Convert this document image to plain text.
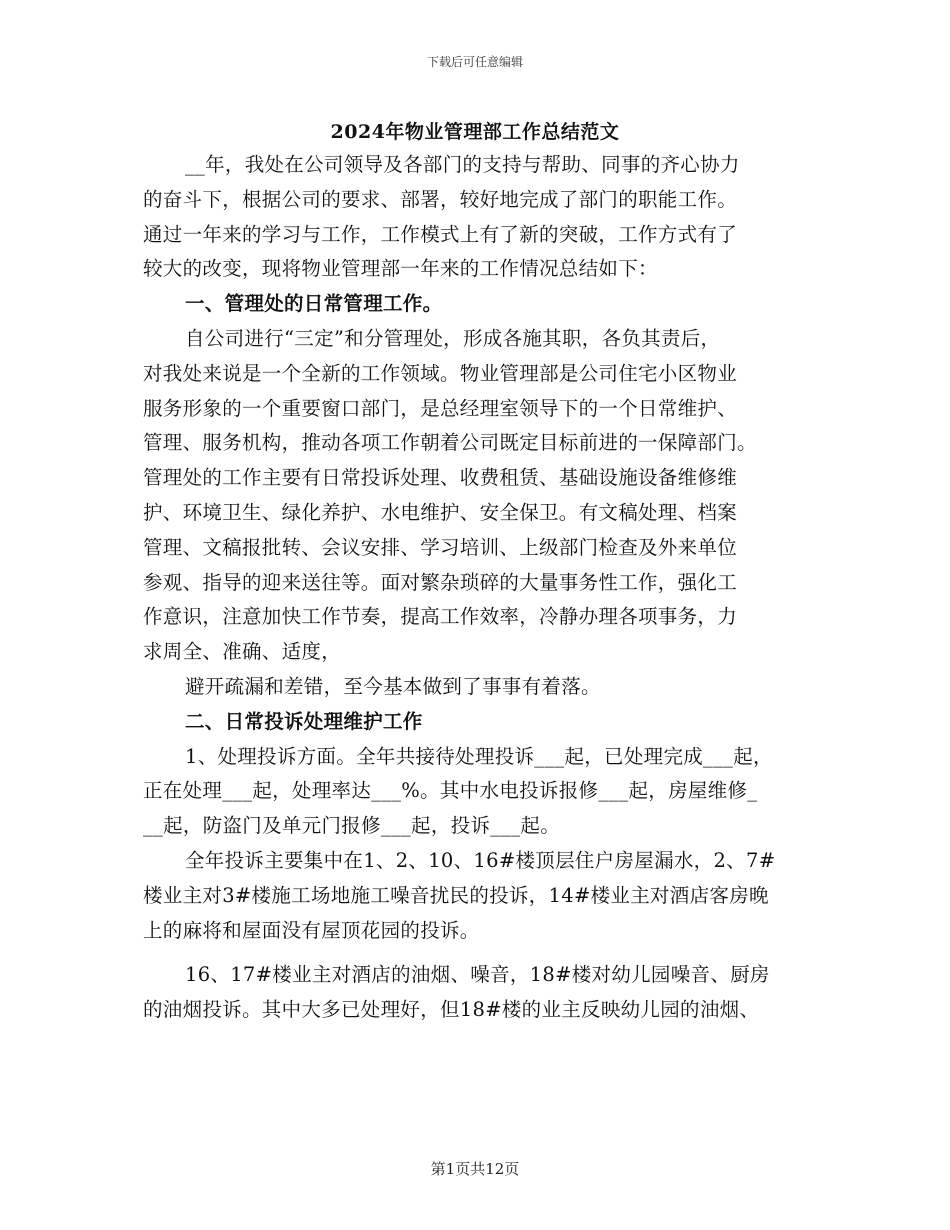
下载后可任意编辑
2024年物业管理部工作总结范文
__年，我处在公司领导及各部门的支持与帮助、同事的齐心协力
的奋斗下，根据公司的要求、部署，较好地完成了部门的职能工作。
通过一年来的学习与工作，工作模式上有了新的突破，工作方式有了
较大的改变，现将物业管理部一年来的工作情况总结如下：
一、管理处的日常管理工作。
自公司进行“三定”和分管理处，形成各施其职，各负其责后，
对我处来说是一个全新的工作领域。物业管理部是公司住宅小区物业
服务形象的一个重要窗口部门，是总经理室领导下的一个日常维护、
管理、服务机构，推动各项工作朝着公司既定目标前进的一保障部门。
管理处的工作主要有日常投诉处理、收费租赁、基础设施设备维修维
护、环境卫生、绿化养护、水电维护、安全保卫。有文稿处理、档案
管理、文稿报批转、会议安排、学习培训、上级部门检查及外来单位
参观、指导的迎来送往等。面对繁杂琐碎的大量事务性工作，强化工
作意识，注意加快工作节奏，提高工作效率，冷静办理各项事务，力
求周全、准确、适度，
避开疏漏和差错，至今基本做到了事事有着落。
二、日常投诉处理维护工作
1、处理投诉方面。全年共接待处理投诉___起，已处理完成___起，
正在处理___起，处理率达___%。其中水电投诉报修___起，房屋维修_
__起，防盗门及单元门报修___起，投诉___起。
全年投诉主要集中在1、2、10、16#楼顶层住户房屋漏水，2、7#
楼业主对3#楼施工场地施工噪音扰民的投诉，14#楼业主对酒店客房晚
上的麻将和屋面没有屋顶花园的投诉。
16、17#楼业主对酒店的油烟、噪音，18#楼对幼儿园噪音、厨房
的油烟投诉。其中大多已处理好，但18#楼的业主反映幼儿园的油烟、
第1页共12页
